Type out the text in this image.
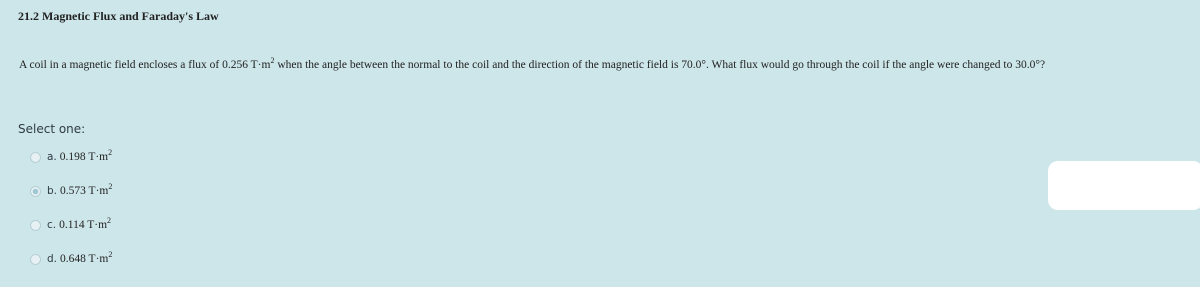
21.2 Magnetic Flux and Faraday's Law
A coil in a magnetic field encloses a flux of 0.256 $T\cdot m^2$ when the angle between the normal to the coil and the direction of the magnetic field is 70.0°. What flux would go through the coil if the angle were changed to 30.0°?
Select one:
a. 0.198 $T\cdot m^2$
b. 0.573 $T\cdot m^2$
c. 0.114 $T\cdot m^2$
d. 0.648 $T\cdot m^2$
